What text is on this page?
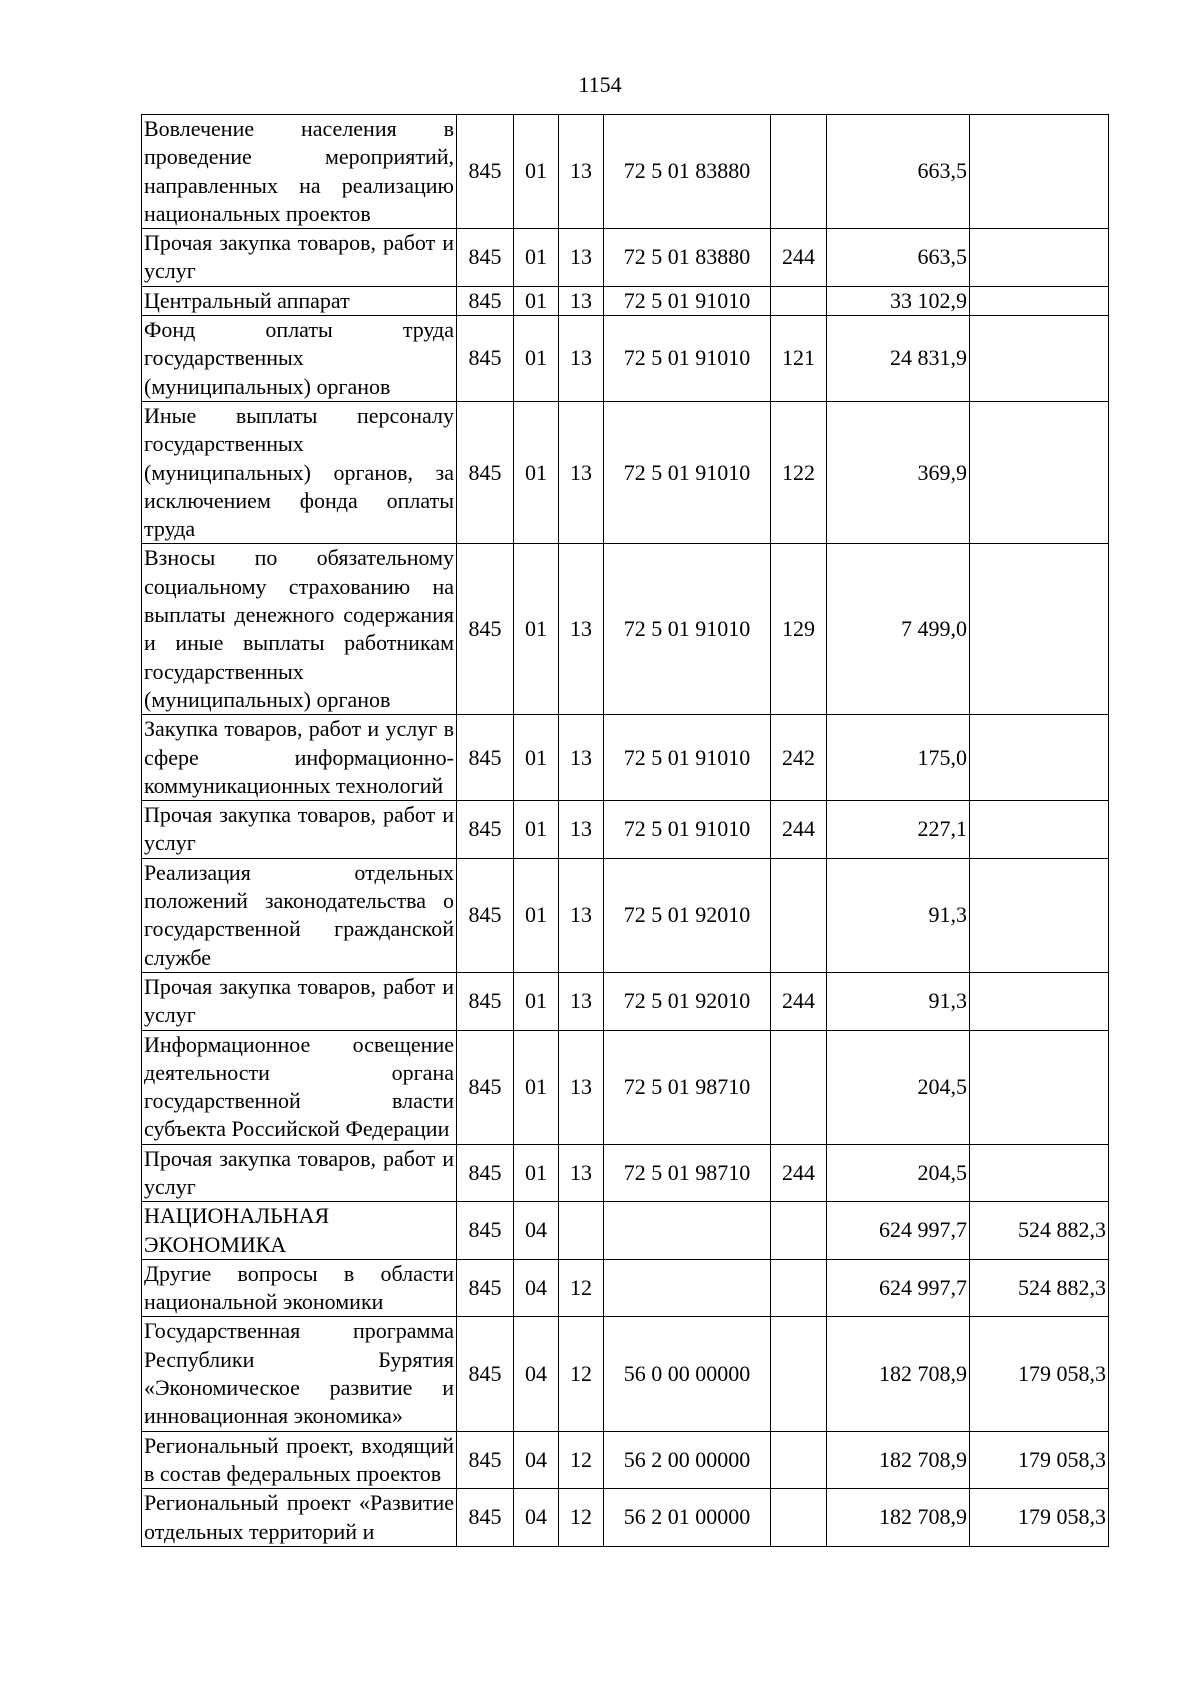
1154
Вовлечение населения в проведение мероприятий, направленных на реализацию национальных проектов	845	01	13	72 5 01 83880		663,5	
Прочая закупка товаров, работ и услуг	845	01	13	72 5 01 83880	244	663,5	
Центральный аппарат	845	01	13	72 5 01 91010		33 102,9	
Фонд оплаты труда государственных (муниципальных) органов	845	01	13	72 5 01 91010	121	24 831,9	
Иные выплаты персоналу государственных (муниципальных) органов, за исключением фонда оплаты труда	845	01	13	72 5 01 91010	122	369,9	
Взносы по обязательному социальному страхованию на выплаты денежного содержания и иные выплаты работникам государственных (муниципальных) органов	845	01	13	72 5 01 91010	129	7 499,0	
Закупка товаров, работ и услуг в сфере информационно-коммуникационных технологий	845	01	13	72 5 01 91010	242	175,0	
Прочая закупка товаров, работ и услуг	845	01	13	72 5 01 91010	244	227,1	
Реализация отдельных положений законодательства о государственной гражданской службе	845	01	13	72 5 01 92010		91,3	
Прочая закупка товаров, работ и услуг	845	01	13	72 5 01 92010	244	91,3	
Информационное освещение деятельности органа государственной власти субъекта Российской Федерации	845	01	13	72 5 01 98710		204,5	
Прочая закупка товаров, работ и услуг	845	01	13	72 5 01 98710	244	204,5	
НАЦИОНАЛЬНАЯ ЭКОНОМИКА	845	04				624 997,7	524 882,3
Другие вопросы в области национальной экономики	845	04	12			624 997,7	524 882,3
Государственная программа Республики Бурятия «Экономическое развитие и инновационная экономика»	845	04	12	56 0 00 00000		182 708,9	179 058,3
Региональный проект, входящий в состав федеральных проектов	845	04	12	56 2 00 00000		182 708,9	179 058,3
Региональный проект «Развитие отдельных территорий и	845	04	12	56 2 01 00000		182 708,9	179 058,3
